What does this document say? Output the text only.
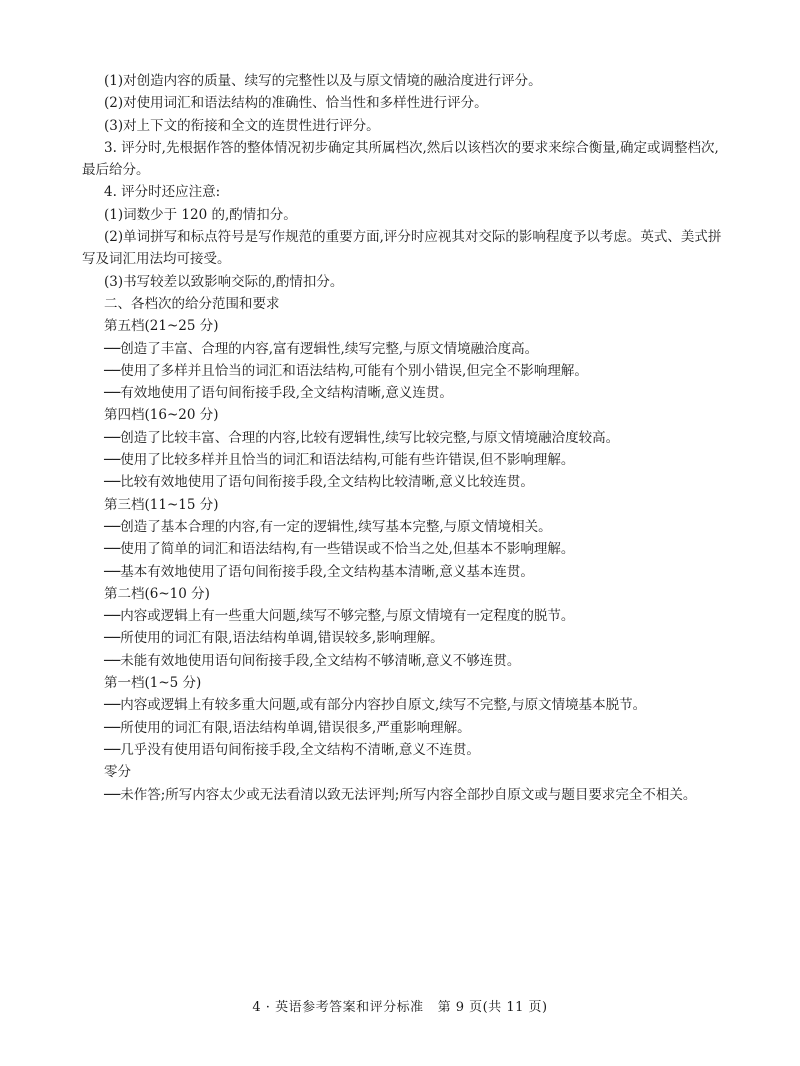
(1)对创造内容的质量、续写的完整性以及与原文情境的融洽度进行评分。

(2)对使用词汇和语法结构的准确性、恰当性和多样性进行评分。

(3)对上下文的衔接和全文的连贯性进行评分。

3. 评分时,先根据作答的整体情况初步确定其所属档次,然后以该档次的要求来综合衡量,确定或调整档次,最后给分。

4. 评分时还应注意:

(1)词数少于 120 的,酌情扣分。

(2)单词拼写和标点符号是写作规范的重要方面,评分时应视其对交际的影响程度予以考虑。英式、美式拼写及词汇用法均可接受。

(3)书写较差以致影响交际的,酌情扣分。

二、各档次的给分范围和要求

第五档(21~25 分)

──创造了丰富、合理的内容,富有逻辑性,续写完整,与原文情境融洽度高。

──使用了多样并且恰当的词汇和语法结构,可能有个别小错误,但完全不影响理解。

──有效地使用了语句间衔接手段,全文结构清晰,意义连贯。

第四档(16~20 分)

──创造了比较丰富、合理的内容,比较有逻辑性,续写比较完整,与原文情境融洽度较高。

──使用了比较多样并且恰当的词汇和语法结构,可能有些许错误,但不影响理解。

──比较有效地使用了语句间衔接手段,全文结构比较清晰,意义比较连贯。

第三档(11~15 分)

──创造了基本合理的内容,有一定的逻辑性,续写基本完整,与原文情境相关。

──使用了简单的词汇和语法结构,有一些错误或不恰当之处,但基本不影响理解。

──基本有效地使用了语句间衔接手段,全文结构基本清晰,意义基本连贯。

第二档(6~10 分)

──内容或逻辑上有一些重大问题,续写不够完整,与原文情境有一定程度的脱节。

──所使用的词汇有限,语法结构单调,错误较多,影响理解。

──未能有效地使用语句间衔接手段,全文结构不够清晰,意义不够连贯。

第一档(1~5 分)

──内容或逻辑上有较多重大问题,或有部分内容抄自原文,续写不完整,与原文情境基本脱节。

──所使用的词汇有限,语法结构单调,错误很多,严重影响理解。

──几乎没有使用语句间衔接手段,全文结构不清晰,意义不连贯。

零分

──未作答;所写内容太少或无法看清以致无法评判;所写内容全部抄自原文或与题目要求完全不相关。

4 · 英语参考答案和评分标准 第 9 页(共 11 页)
